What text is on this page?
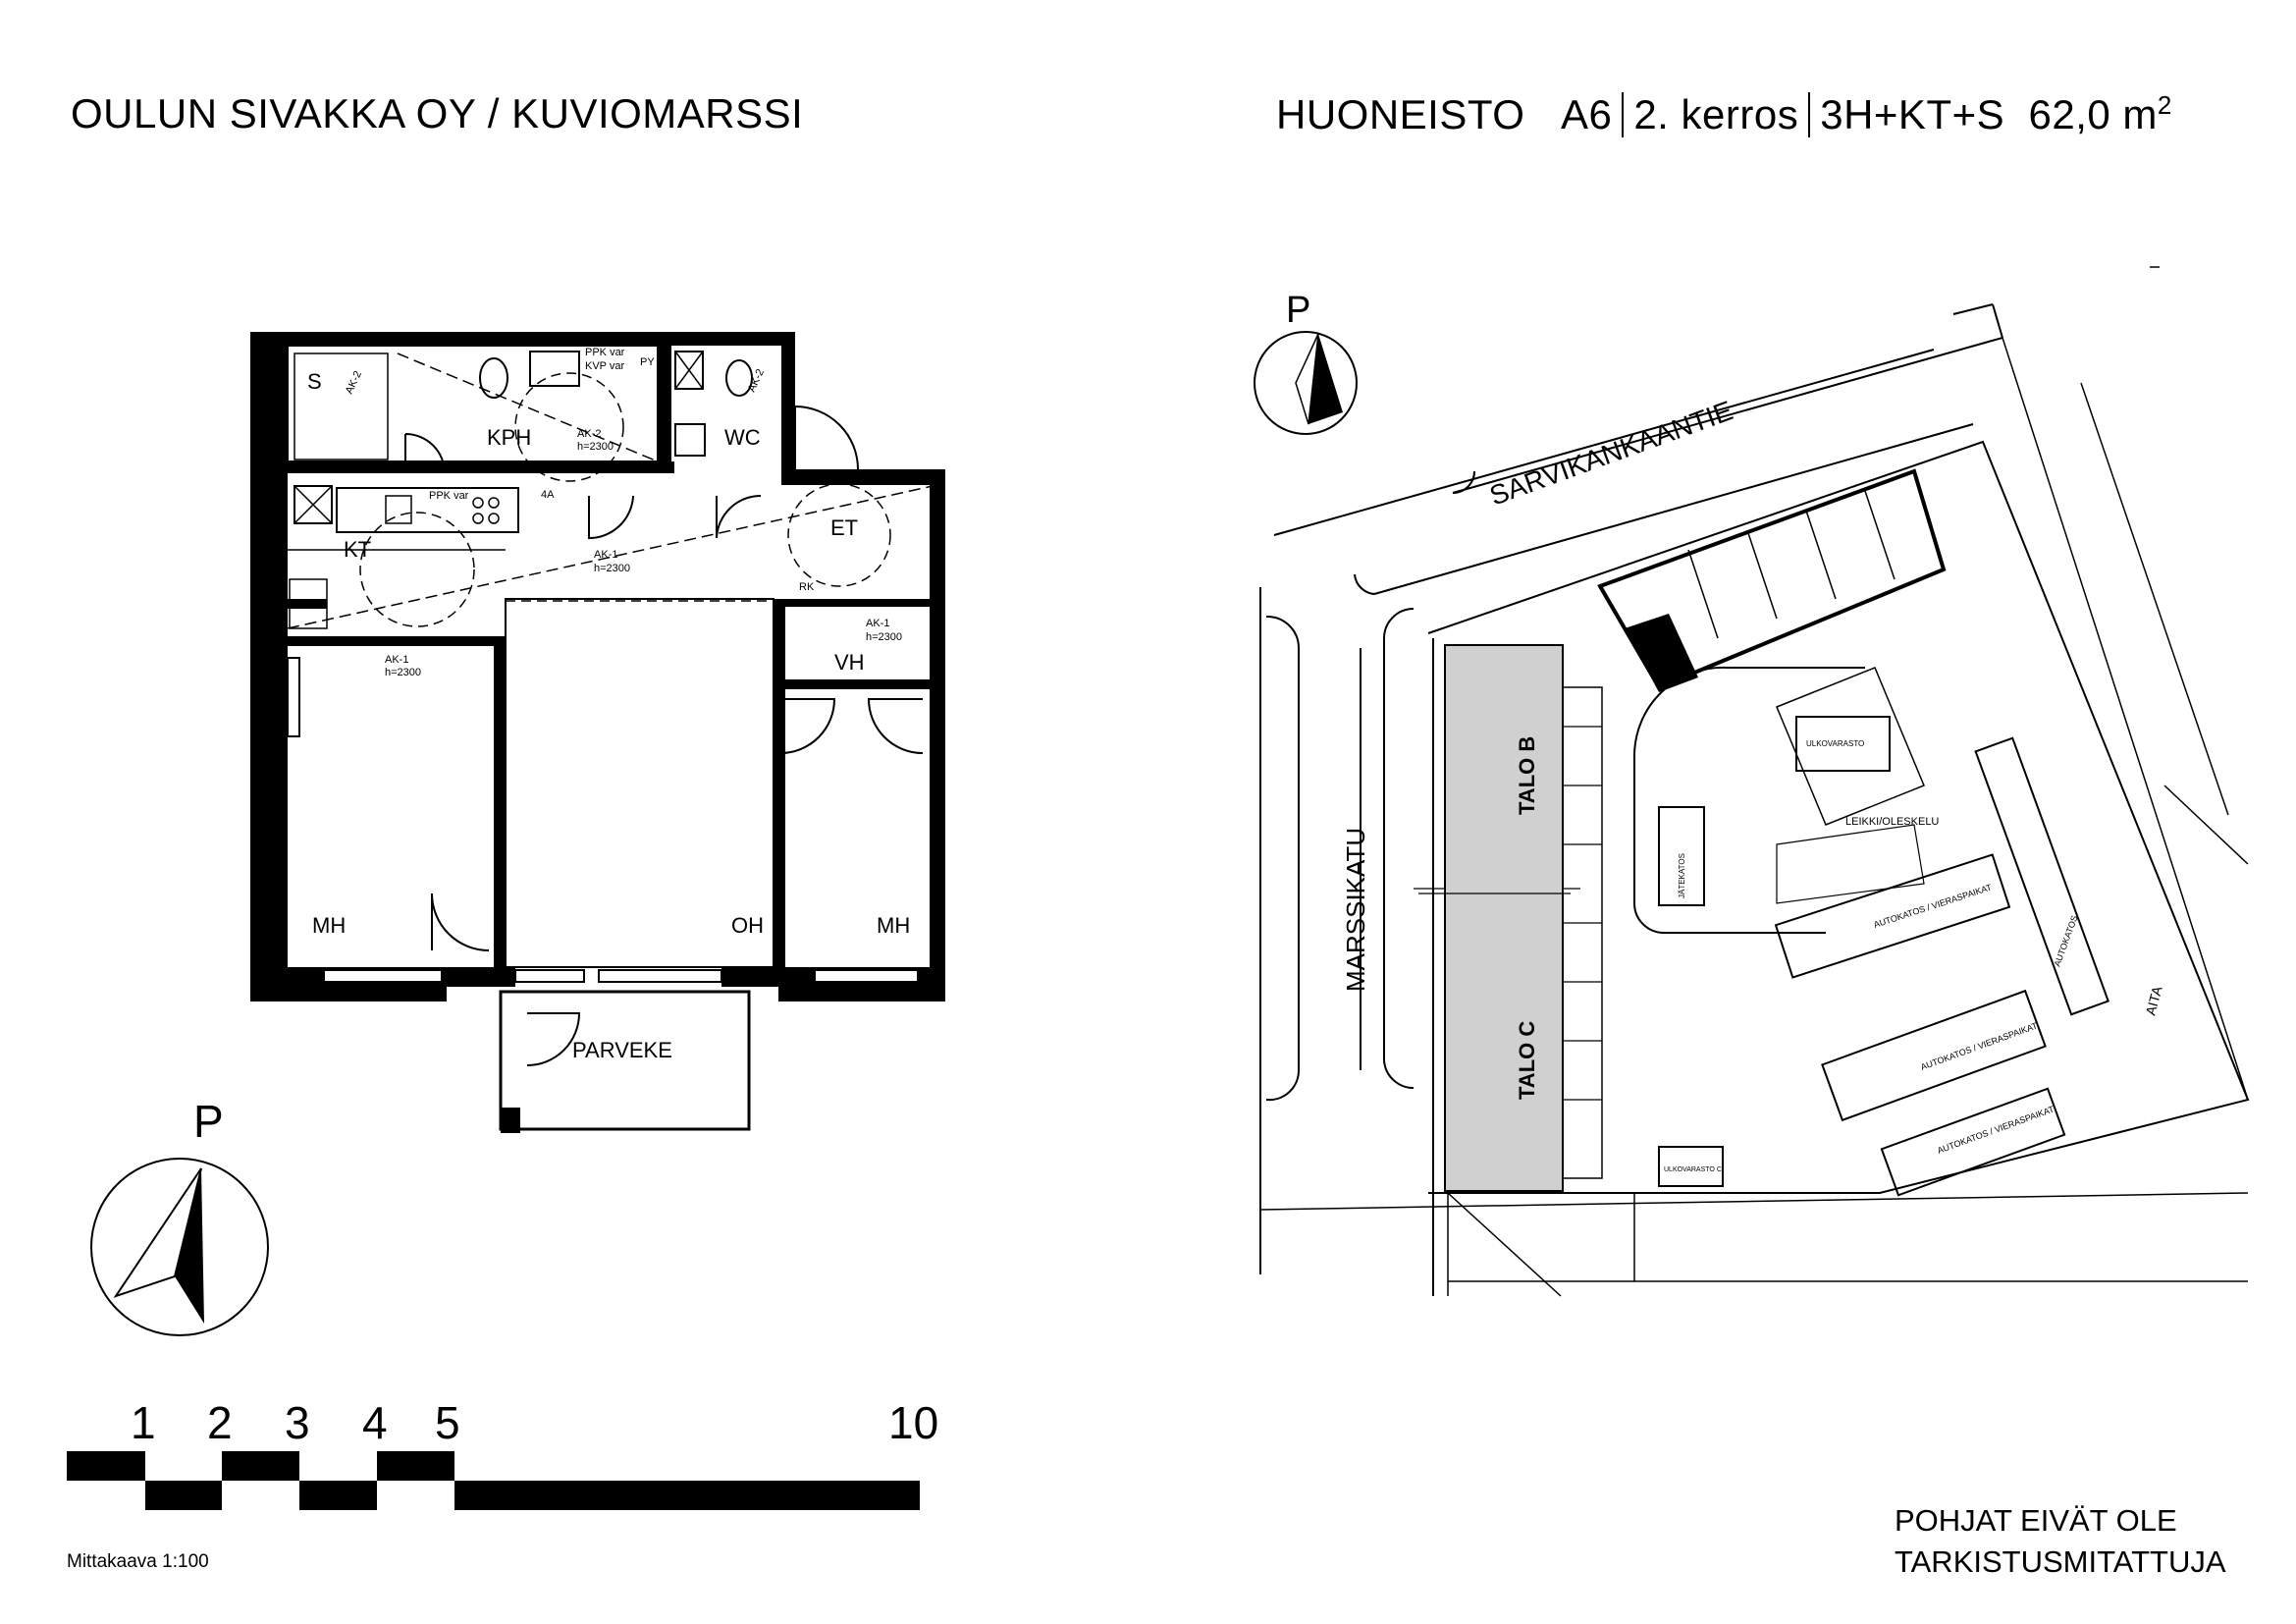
OULUN SIVAKKA OY / KUVIOMARSSI	HUONEISTO A6 2. kerros 3H+KT+S 62,0 $m^2$
S
KPH	WC
KT
ET
VH
MH	OH	MH
PARVEKE
PY
PPK var
KVP var
KPH4A
AK-2
h=2300
AK-2
AK-1
h=2300
AK-1
h=2300
AK-1
h=2300
AK-2
RK
PPK var	4A
P
1 2 3 4 5	10
P
SARVIKANKAANTIE
MARSSIKATU
TALO B
TALO C
LEIKKI/OLESKELU
AITA
AUTOKATOS / VIERASPAIKAT
AUTOKATOS / VIERASPAIKAT
AUTOKATOS / VIERASPAIKAT
AUTOKATOS
ULKOVARASTO
JÄTEKATOS
ULKOVARASTO C
Mittakaava 1:100
POHJAT EIVÄT OLE
TARKISTUSMITATTUJA
